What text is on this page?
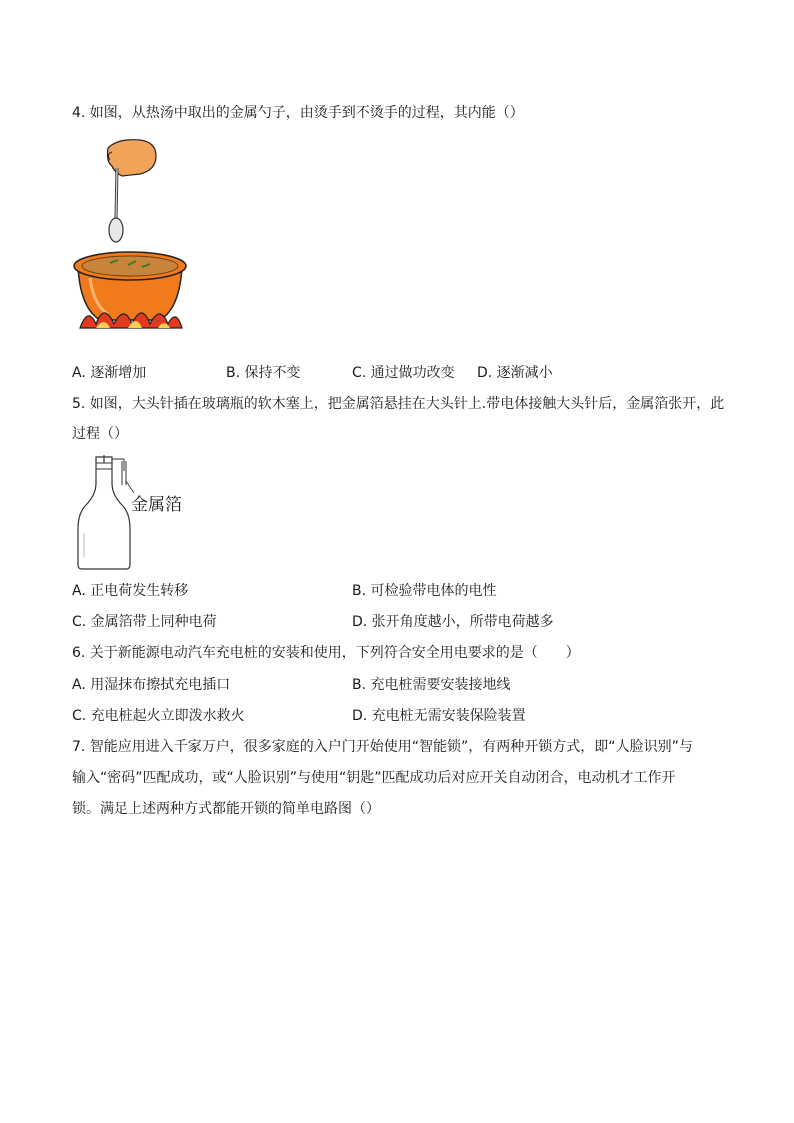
4. 如图，从热汤中取出的金属勺子，由烫手到不烫手的过程，其内能（）
A. 逐渐增加	B. 保持不变	C. 通过做功改变 D. 逐渐减小
5. 如图，大头针插在玻璃瓶的软木塞上，把金属箔悬挂在大头针上.带电体接触大头针后，金属箔张开，此
过程（）
金属箔
A. 正电荷发生转移	B. 可检验带电体的电性
C. 金属箔带上同种电荷	D. 张开角度越小，所带电荷越多
6. 关于新能源电动汽车充电桩的安装和使用，下列符合安全用电要求的是（　　）
A. 用湿抹布擦拭充电插口	B. 充电桩需要安装接地线
C. 充电桩起火立即泼水救火	D. 充电桩无需安装保险装置
7. 智能应用进入千家万户，很多家庭的入户门开始使用“智能锁”，有两种开锁方式，即“人脸识别”与
输入“密码”匹配成功，或“人脸识别”与使用“钥匙”匹配成功后对应开关自动闭合，电动机才工作开
锁。满足上述两种方式都能开锁的简单电路图（）
